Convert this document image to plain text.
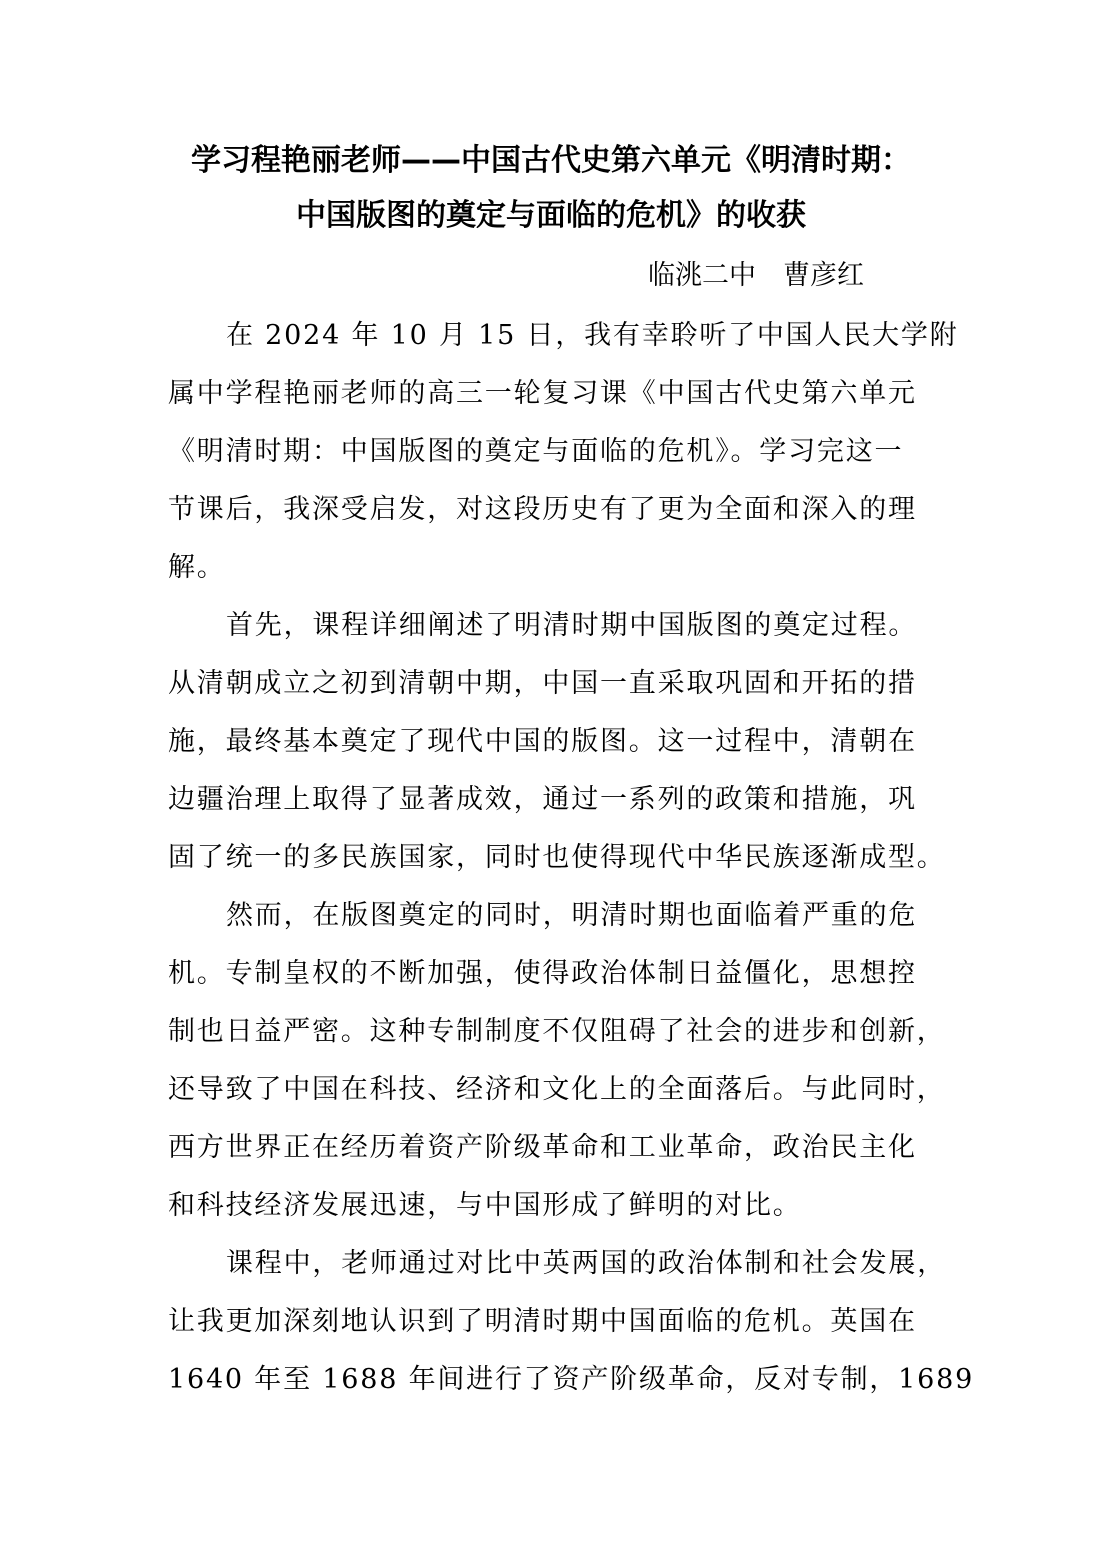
学习程艳丽老师——中国古代史第六单元《明清时期：
中国版图的奠定与面临的危机》的收获
临洮二中　曹彦红
在 2024 年 10 月 15 日，我有幸聆听了中国人民大学附
属中学程艳丽老师的高三一轮复习课《中国古代史第六单元
《明清时期：中国版图的奠定与面临的危机》。学习完这一
节课后，我深受启发，对这段历史有了更为全面和深入的理
解。
首先，课程详细阐述了明清时期中国版图的奠定过程。
从清朝成立之初到清朝中期，中国一直采取巩固和开拓的措
施，最终基本奠定了现代中国的版图。这一过程中，清朝在
边疆治理上取得了显著成效，通过一系列的政策和措施，巩
固了统一的多民族国家，同时也使得现代中华民族逐渐成型。
然而，在版图奠定的同时，明清时期也面临着严重的危
机。专制皇权的不断加强，使得政治体制日益僵化，思想控
制也日益严密。这种专制制度不仅阻碍了社会的进步和创新，
还导致了中国在科技、经济和文化上的全面落后。与此同时，
西方世界正在经历着资产阶级革命和工业革命，政治民主化
和科技经济发展迅速，与中国形成了鲜明的对比。
课程中，老师通过对比中英两国的政治体制和社会发展，
让我更加深刻地认识到了明清时期中国面临的危机。英国在
1640 年至 1688 年间进行了资产阶级革命，反对专制，1689
